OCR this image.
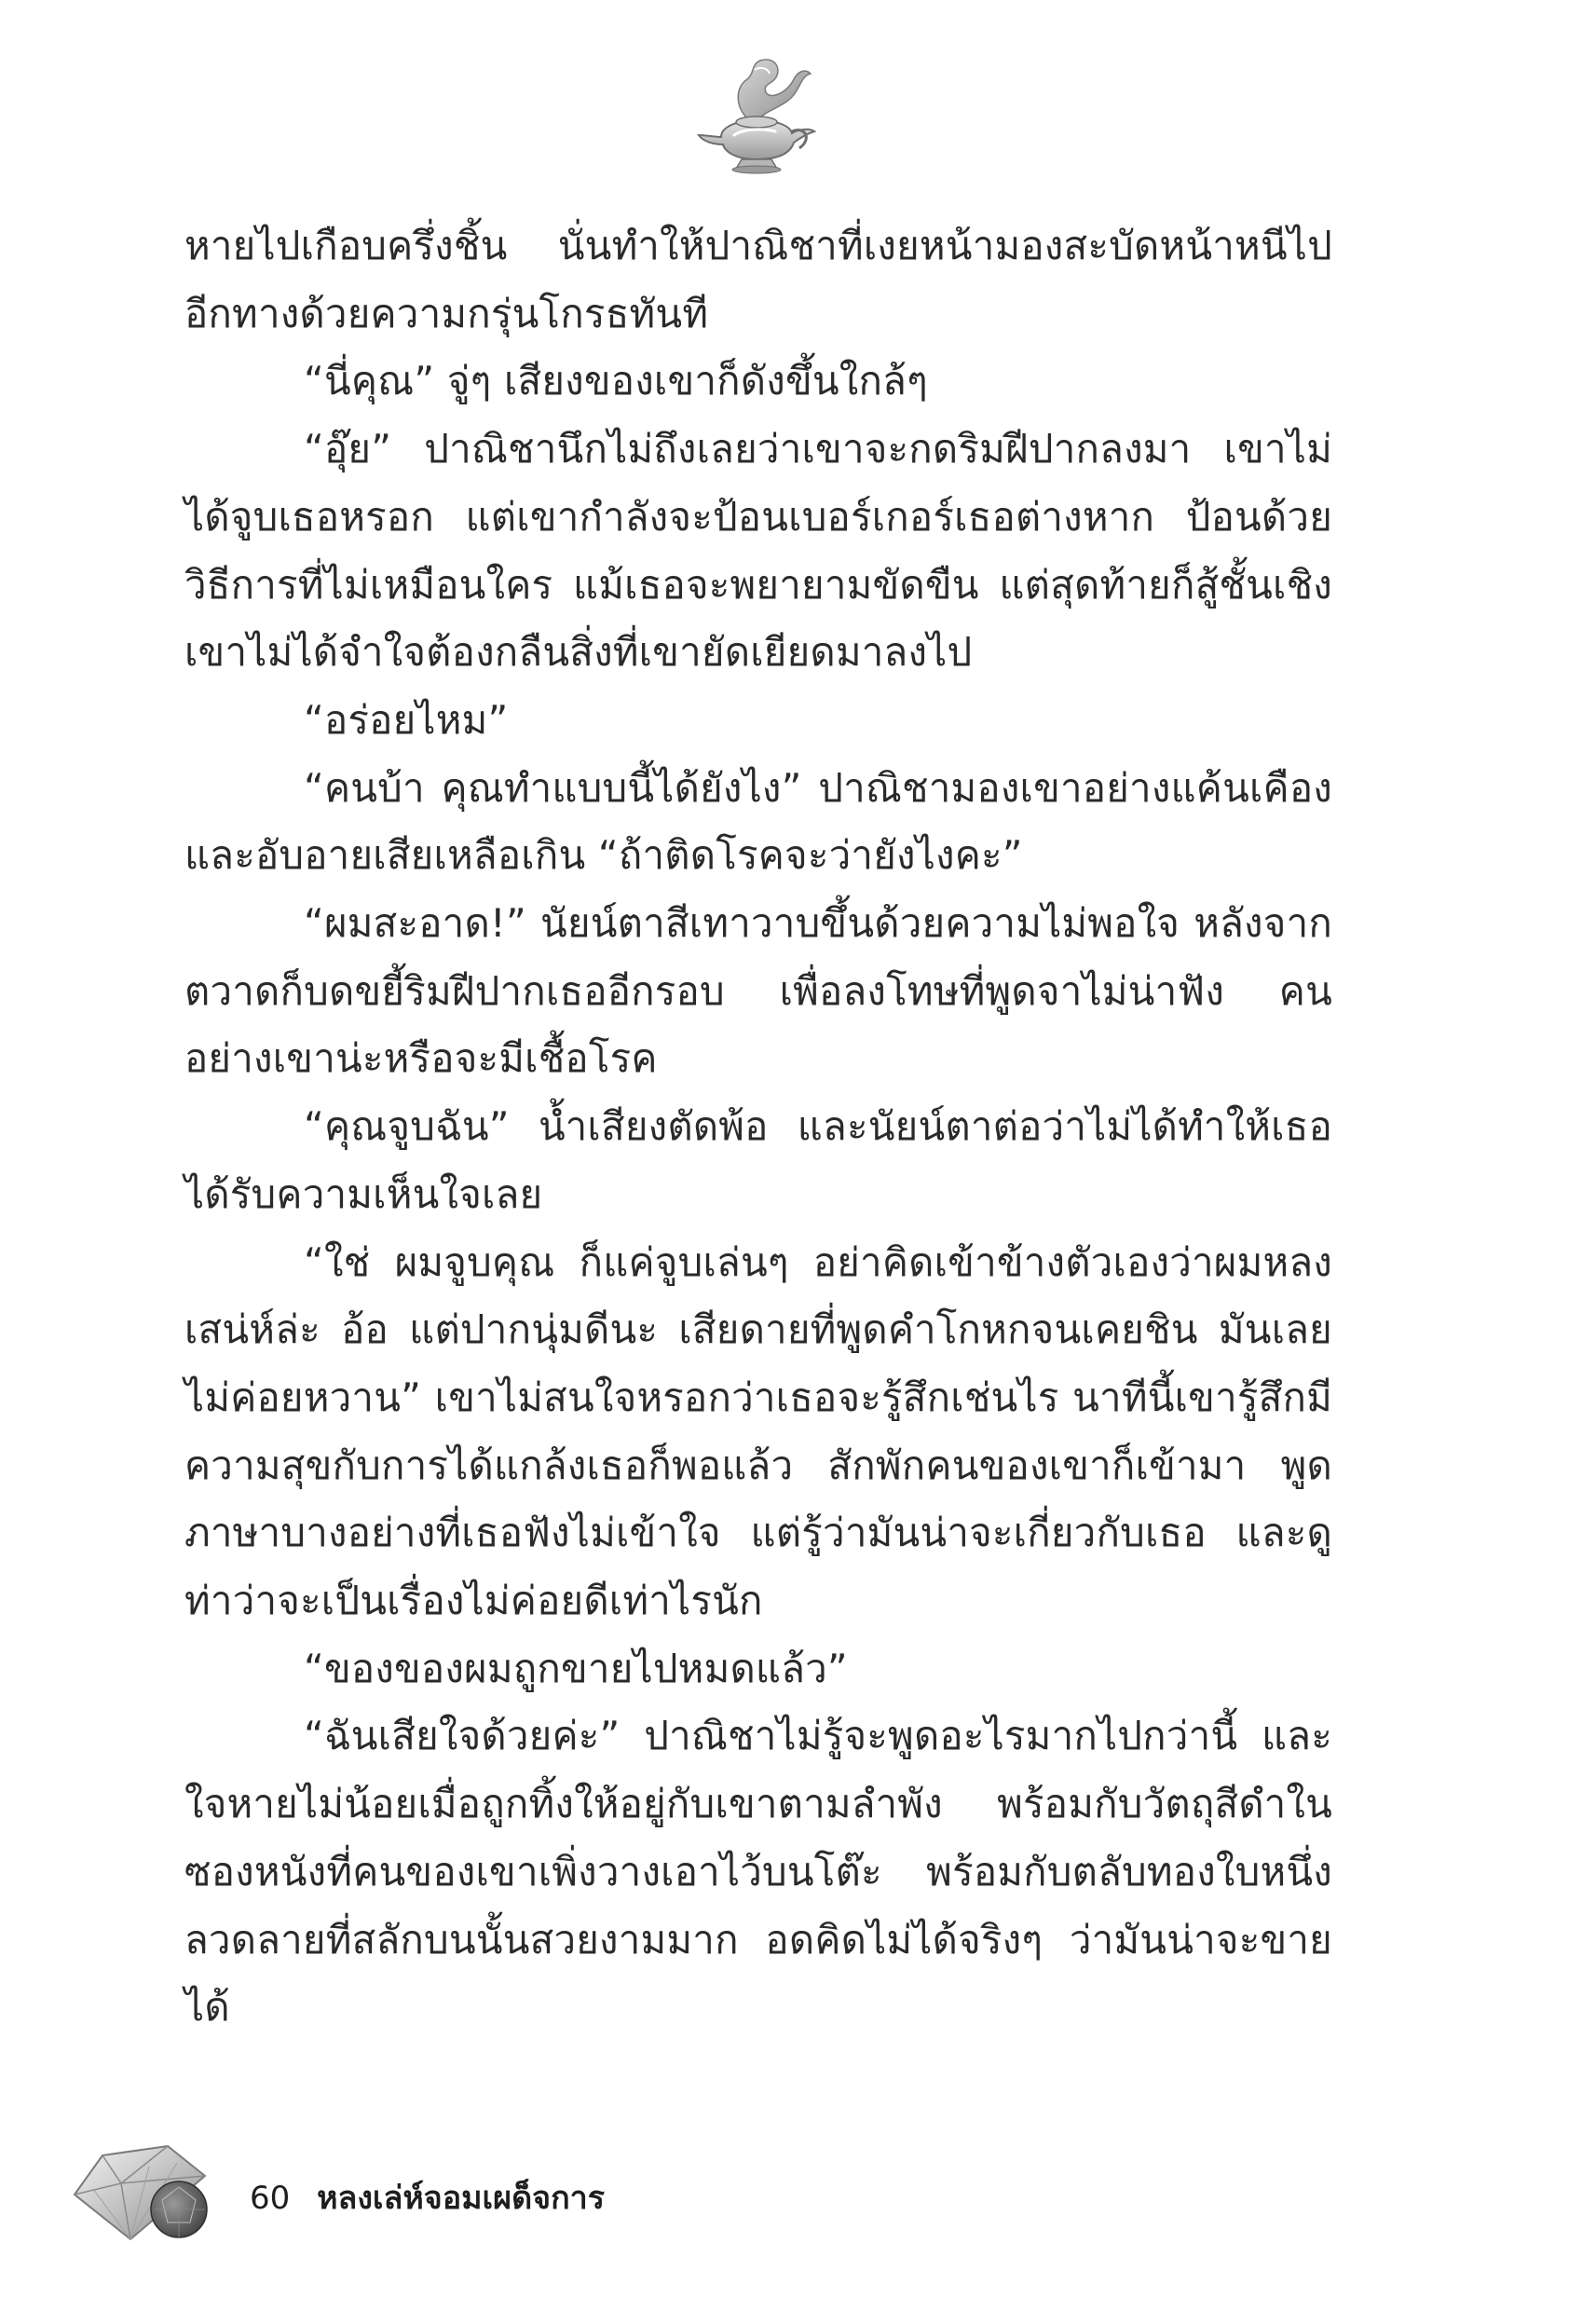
หายไปเกือบครึ่งชิ้น นั่นทำให้ปาณิชาที่เงยหน้ามองสะบัดหน้าหนีไปอีกทางด้วยความกรุ่นโกรธทันที

“นี่คุณ” จู่ๆ เสียงของเขาก็ดังขึ้นใกล้ๆ

“อุ๊ย” ปาณิชานึกไม่ถึงเลยว่าเขาจะกดริมฝีปากลงมา เขาไม่ได้จูบเธอหรอก แต่เขากำลังจะป้อนเบอร์เกอร์เธอต่างหาก ป้อนด้วยวิธีการที่ไม่เหมือนใคร แม้เธอจะพยายามขัดขืน แต่สุดท้ายก็สู้ชั้นเชิงเขาไม่ได้จำใจต้องกลืนสิ่งที่เขายัดเยียดมาลงไป

“อร่อยไหม”

“คนบ้า คุณทำแบบนี้ได้ยังไง” ปาณิชามองเขาอย่างแค้นเคืองและอับอายเสียเหลือเกิน “ถ้าติดโรคจะว่ายังไงคะ”

“ผมสะอาด!” นัยน์ตาสีเทาวาบขึ้นด้วยความไม่พอใจ หลังจากตวาดก็บดขยี้ริมฝีปากเธออีกรอบ เพื่อลงโทษที่พูดจาไม่น่าฟัง คนอย่างเขาน่ะหรือจะมีเชื้อโรค

“คุณจูบฉัน” น้ำเสียงตัดพ้อ และนัยน์ตาต่อว่าไม่ได้ทำให้เธอได้รับความเห็นใจเลย

“ใช่ ผมจูบคุณ ก็แค่จูบเล่นๆ อย่าคิดเข้าข้างตัวเองว่าผมหลงเสน่ห์ล่ะ อ้อ แต่ปากนุ่มดีนะ เสียดายที่พูดคำโกหกจนเคยชิน มันเลยไม่ค่อยหวาน” เขาไม่สนใจหรอกว่าเธอจะรู้สึกเช่นไร นาทีนี้เขารู้สึกมีความสุขกับการได้แกล้งเธอก็พอแล้ว สักพักคนของเขาก็เข้ามา พูดภาษาบางอย่างที่เธอฟังไม่เข้าใจ แต่รู้ว่ามันน่าจะเกี่ยวกับเธอ และดูท่าว่าจะเป็นเรื่องไม่ค่อยดีเท่าไรนัก

“ของของผมถูกขายไปหมดแล้ว”

“ฉันเสียใจด้วยค่ะ” ปาณิชาไม่รู้จะพูดอะไรมากไปกว่านี้ และใจหายไม่น้อยเมื่อถูกทิ้งให้อยู่กับเขาตามลำพัง พร้อมกับวัตถุสีดำในซองหนังที่คนของเขาเพิ่งวางเอาไว้บนโต๊ะ พร้อมกับตลับทองใบหนึ่งลวดลายที่สลักบนนั้นสวยงามมาก อดคิดไม่ได้จริงๆ ว่ามันน่าจะขายได้

60 หลงเล่ห์จอมเผด็จการ
